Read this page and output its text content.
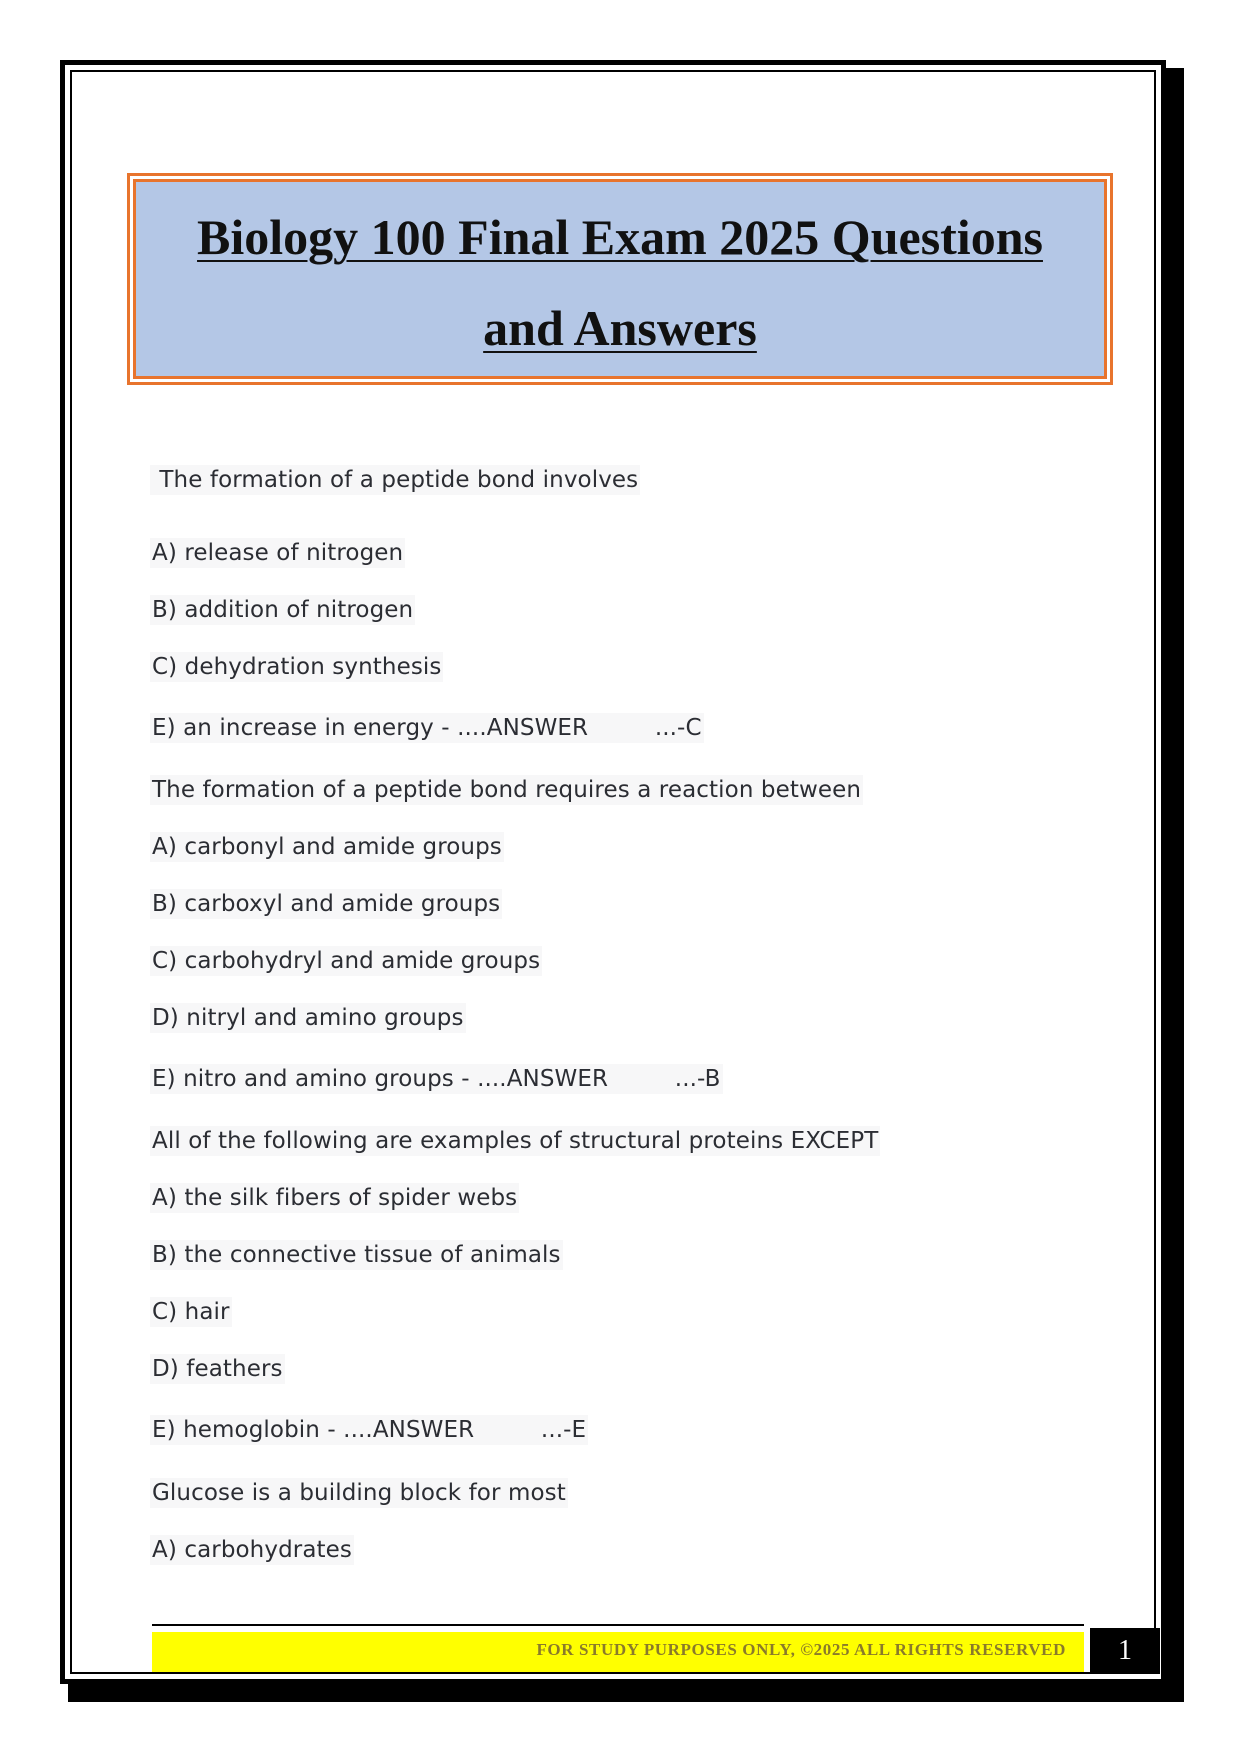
Biology 100 Final Exam 2025 Questions
and Answers
The formation of a peptide bond involves
A) release of nitrogen
B) addition of nitrogen
C) dehydration synthesis
E) an increase in energy - ....ANSWER         ...-C
The formation of a peptide bond requires a reaction between
A) carbonyl and amide groups
B) carboxyl and amide groups
C) carbohydryl and amide groups
D) nitryl and amino groups
E) nitro and amino groups - ....ANSWER         ...-B
All of the following are examples of structural proteins EXCEPT
A) the silk fibers of spider webs
B) the connective tissue of animals
C) hair
D) feathers
E) hemoglobin - ....ANSWER         ...-E
Glucose is a building block for most
A) carbohydrates
FOR STUDY PURPOSES ONLY, ©2025 ALL RIGHTS RESERVED	1
